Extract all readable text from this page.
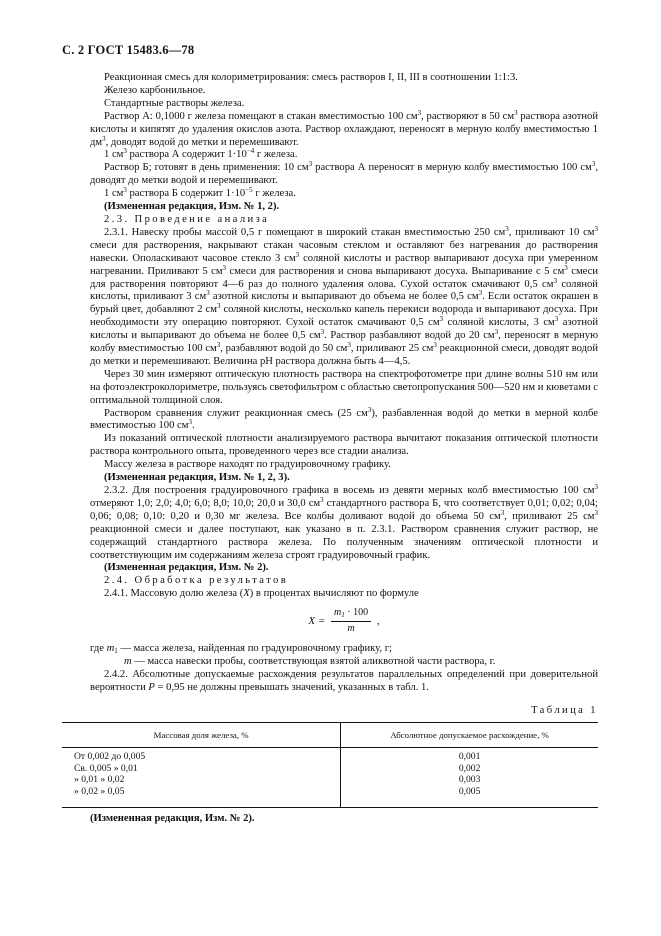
С. 2 ГОСТ 15483.6—78

Реакционная смесь для колориметрирования: смесь растворов I, II, III в соотношении 1:1:3.

Железо карбонильное.

Стандартные растворы железа.

Раствор А: 0,1000 г железа помещают в стакан вместимостью 100 $см^3$, растворяют в 50 $см^3$ раствора азотной кислоты и кипятят до удаления окислов азота. Раствор охлаждают, переносят в мерную колбу вместимостью 1 $дм^3$, доводят водой до метки и перемешивают.

1 $см^3$ раствора А содержит $1\cdot 10^{-4}$ г железа.

Раствор Б; готовят в день применения: 10 $см^3$ раствора А переносят в мерную колбу вместимостью 100 $см^3$, доводят до метки водой и перемешивают.

1 $см^3$ раствора Б содержит $1\cdot 10^{-5}$ г железа.

(Измененная редакция, Изм. № 1, 2).

2.3. Проведение анализа

2.3.1. Навеску пробы массой 0,5 г помещают в широкий стакан вместимостью 250 $см^3$, приливают 10 $см^3$ смеси для растворения, накрывают стакан часовым стеклом и оставляют без нагревания до растворения навески. Ополаскивают часовое стекло 3 $см^3$ соляной кислоты и раствор выпаривают досуха при умеренном нагревании. Приливают 5 $см^3$ смеси для растворения и снова выпаривают досуха. Выпаривание с 5 $см^3$ смеси для растворения повторяют 4—6 раз до полного удаления олова. Сухой остаток смачивают 0,5 $см^3$ соляной кислоты, приливают 3 $см^3$ азотной кислоты и выпаривают до объема не более 0,5 $см^3$. Если остаток окрашен в бурый цвет, добавляют 2 $см^3$ соляной кислоты, несколько капель перекиси водорода и выпаривают досуха. При необходимости эту операцию повторяют. Сухой остаток смачивают 0,5 $см^3$ соляной кислоты, 3 $см^3$ азотной кислоты и выпаривают до объема не более 0,5 $см^3$. Раствор разбавляют водой до 20 $см^3$, переносят в мерную колбу вместимостью 100 $см^3$, разбавляют водой до 50 $см^3$, приливают 25 $см^3$ реакционной смеси, доводят водой до метки и перемешивают. Величина pH раствора должна быть 4—4,5.

Через 30 мин измеряют оптическую плотность раствора на спектрофотометре при длине волны 510 нм или на фотоэлектроколориметре, пользуясь светофильтром с областью светопропускания 500—520 нм и кюветами с оптимальной толщиной слоя.

Раствором сравнения служит реакционная смесь (25 $см^3$), разбавленная водой до метки в мерной колбе вместимостью 100 $см^3$.

Из показаний оптической плотности анализируемого раствора вычитают показания оптической плотности раствора контрольного опыта, проведенного через все стадии анализа.

Массу железа в растворе находят по градуировочному графику.

(Измененная редакция, Изм. № 1, 2, 3).

2.3.2. Для построения градуировочного графика в восемь из девяти мерных колб вместимостью 100 $см^3$ отмеряют 1,0; 2,0; 4,0; 6,0; 8,0; 10,0; 20,0 и 30,0 $см^3$ стандартного раствора Б, что соответствует 0,01; 0,02; 0,04; 0,06; 0,08; 0,10: 0,20 и 0,30 мг железа. Все колбы доливают водой до объема 50 $см^3$, приливают 25 $см^3$ реакционной смеси и далее поступают, как указано в п. 2.3.1. Раствором сравнения служит раствор, не содержащий стандартного раствора железа. По полученным значениям оптической плотности и соответствующим им содержаниям железа строят градуировочный график.

(Измененная редакция, Изм. № 2).

2.4. Обработка результатов

2.4.1. Массовую долю железа (X) в процентах вычисляют по формуле

$X = \frac{m_1 \cdot 100}{m}$ ,

где $m_1$ — масса железа, найденная по градуировочному графику, г;

m — масса навески пробы, соответствующая взятой аликвотной части раствора, г.

2.4.2. Абсолютные допускаемые расхождения результатов параллельных определений при доверительной вероятности P = 0,95 не должны превышать значений, указанных в табл. 1.

Таблица 1

Массовая доля железа, %	Абсолютное допускаемое расхождение, %
От 0,002 до 0,005	0,001
Св. 0,005 » 0,01	0,002
» 0,01 » 0,02	0,003
» 0,02 » 0,05	0,005
(Измененная редакция, Изм. № 2).
